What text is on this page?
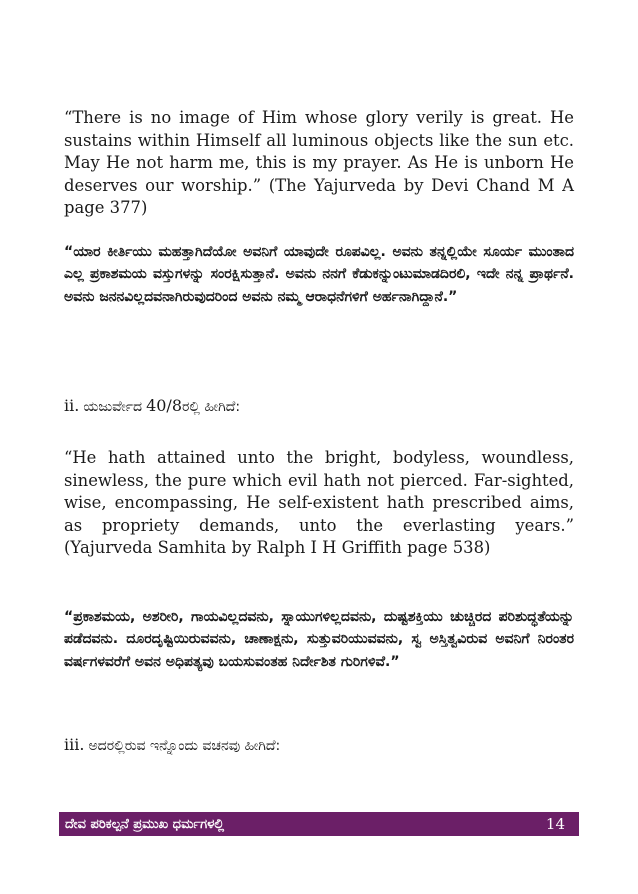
“There is no image of Him whose glory verily is great. He sustains within Himself all luminous objects like the sun etc. May He not harm me, this is my prayer. As He is unborn He deserves our worship.” (The Yajurveda by Devi Chand M A page 377)

“ಯಾರ ಕೀರ್ತಿಯು ಮಹತ್ತಾಗಿದೆಯೋ ಅವನಿಗೆ ಯಾವುದೇ ರೂಪವಿಲ್ಲ. ಅವನು ತನ್ನಲ್ಲಿಯೇ ಸೂರ್ಯ ಮುಂತಾದ ಎಲ್ಲ ಪ್ರಕಾಶಮಯ ವಸ್ತುಗಳನ್ನು ಸಂರಕ್ಷಿಸುತ್ತಾನೆ. ಅವನು ನನಗೆ ಕೆಡುಕನ್ನುಂಟುಮಾಡದಿರಲಿ, ಇದೇ ನನ್ನ ಪ್ರಾರ್ಥನೆ. ಅವನು ಜನನವಿಲ್ಲದವನಾಗಿರುವುದರಿಂದ ಅವನು ನಮ್ಮ ಆರಾಧನೆಗಳಿಗೆ ಅರ್ಹನಾಗಿದ್ದಾನೆ.”

ii. ಯಜುರ್ವೇದ 40/8ರಲ್ಲಿ ಹೀಗಿದೆ:

“He hath attained unto the bright, bodyless, woundless, sinewless, the pure which evil hath not pierced. Far-sighted, wise, encompassing, He self-existent hath prescribed aims, as propriety demands, unto the everlasting years.” (Yajurveda Samhita by Ralph I H Griffith page 538)

“ಪ್ರಕಾಶಮಯ, ಅಶರೀರಿ, ಗಾಯವಿಲ್ಲದವನು, ಸ್ನಾಯುಗಳಿಲ್ಲದವನು, ದುಷ್ಟಶಕ್ತಿಯು ಚುಚ್ಚಿರದ ಪರಿಶುದ್ಧತೆಯನ್ನು ಪಡೆದವನು. ದೂರದೃಷ್ಟಿಯಿರುವವನು, ಚಾಣಾಕ್ಷನು, ಸುತ್ತುವರಿಯುವವನು, ಸ್ವ ಅಸ್ತಿತ್ವವಿರುವ ಅವನಿಗೆ ನಿರಂತರ ವರ್ಷಗಳವರೆಗೆ ಅವನ ಅಧಿಪತ್ಯವು ಬಯಸುವಂತಹ ನಿರ್ದೇಶಿತ ಗುರಿಗಳಿವೆ.”

iii. ಅದರಲ್ಲಿರುವ ಇನ್ನೊಂದು ವಚನವು ಹೀಗಿದೆ:

ದೇವ ಪರಿಕಲ್ಪನೆ ಪ್ರಮುಖ ಧರ್ಮಗಳಲ್ಲಿ	14
